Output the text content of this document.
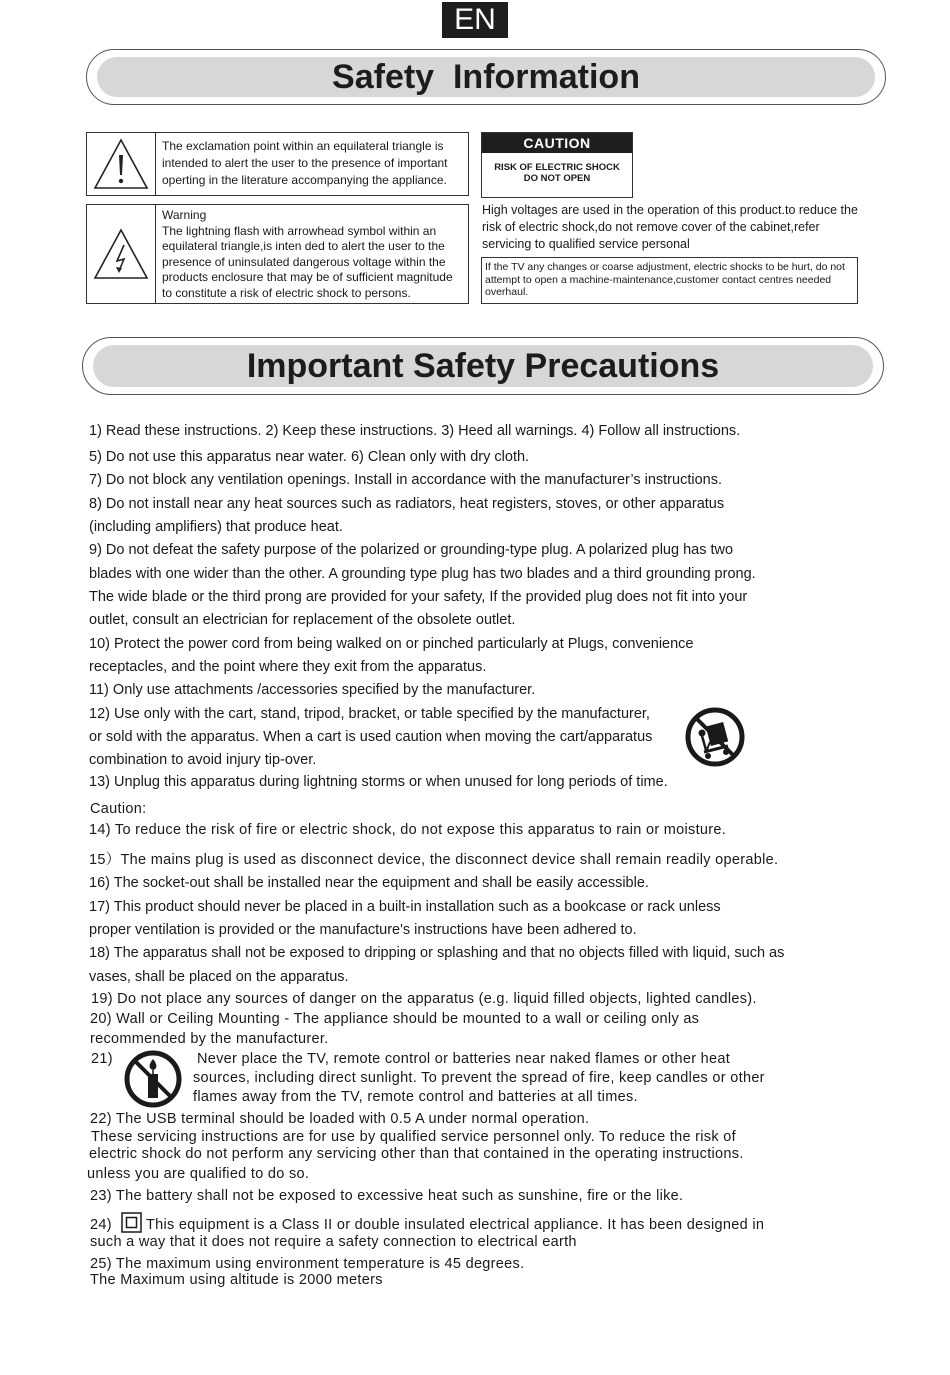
EN
Safety  Information
The exclamation point within an equilateral triangle is intended to alert the user to the presence of important operting in the literature accompanying the appliance.
Warning
The lightning flash with arrowhead symbol within an equilateral triangle,is inten ded to alert the user to the presence of uninsulated dangerous voltage within the products enclosure that may be of sufficient magnitude to constitute a risk of electric shock to persons.
CAUTION
RISK OF ELECTRIC SHOCK
DO NOT OPEN
High voltages are used in the operation of this product.to reduce the risk of electric shock,do not remove cover of the cabinet,refer servicing to qualified service personal
If the TV any changes or coarse adjustment, electric shocks to be hurt, do not attempt to open a machine-maintenance,customer contact centres needed overhaul.
Important Safety Precautions
1) Read these instructions. 2) Keep these instructions. 3) Heed all warnings. 4) Follow all instructions.
5) Do not use this apparatus near water. 6) Clean only with dry cloth.
7) Do not block any ventilation openings. Install in accordance with the manufacturer’s instructions.
8) Do not install near any heat sources such as radiators, heat registers, stoves, or other apparatus
(including amplifiers) that produce heat.
9) Do not defeat the safety purpose of the polarized or grounding-type plug. A polarized plug has two
blades with one wider than the other. A grounding type plug has two blades and a third grounding prong.
The wide blade or the third prong are provided for your safety, If the provided plug does not fit into your
outlet, consult an electrician for replacement of the obsolete outlet.
10) Protect the power cord from being walked on or pinched particularly at Plugs, convenience
receptacles, and the point where they exit from the apparatus.
11) Only use attachments /accessories specified by the manufacturer.
12) Use only with the cart, stand, tripod, bracket, or table specified by the manufacturer,
or sold with the apparatus. When a cart is used caution when moving the cart/apparatus
combination to avoid injury tip-over.
13) Unplug this apparatus during lightning storms or when unused for long periods of time.
Caution:
14) To reduce the risk of fire or electric shock, do not expose this apparatus to rain or moisture.
15）The mains plug is used as disconnect device, the disconnect device shall remain readily operable.
16) The socket-out shall be installed near the equipment and shall be easily accessible.
17) This product should never be placed in a built-in installation such as a bookcase or rack unless
proper ventilation is provided or the manufacture's instructions have been adhered to.
18) The apparatus shall not be exposed to dripping or splashing and that no objects filled with liquid, such as
vases, shall be placed on the apparatus.
19) Do not place any sources of danger on the apparatus (e.g. liquid filled objects, lighted candles).
20) Wall or Ceiling Mounting - The appliance should be mounted to a wall or ceiling only as
recommended by the manufacturer.
21)	Never place the TV, remote control or batteries near naked flames or other heat
sources, including direct sunlight. To prevent the spread of fire, keep candles or other
flames away from the TV, remote control and batteries at all times.
22) The USB terminal should be loaded with 0.5 A under normal operation.
These servicing instructions are for use by qualified service personnel only. To reduce the risk of
electric shock do not perform any servicing other than that contained in the operating instructions.
unless you are qualified to do so.
23) The battery shall not be exposed to excessive heat such as sunshine, fire or the like.
24) This equipment is a Class II or double insulated electrical appliance. It has been designed in
such a way that it does not require a safety connection to electrical earth
25) The maximum using environment temperature is 45 degrees.
The Maximum using altitude is 2000 meters
